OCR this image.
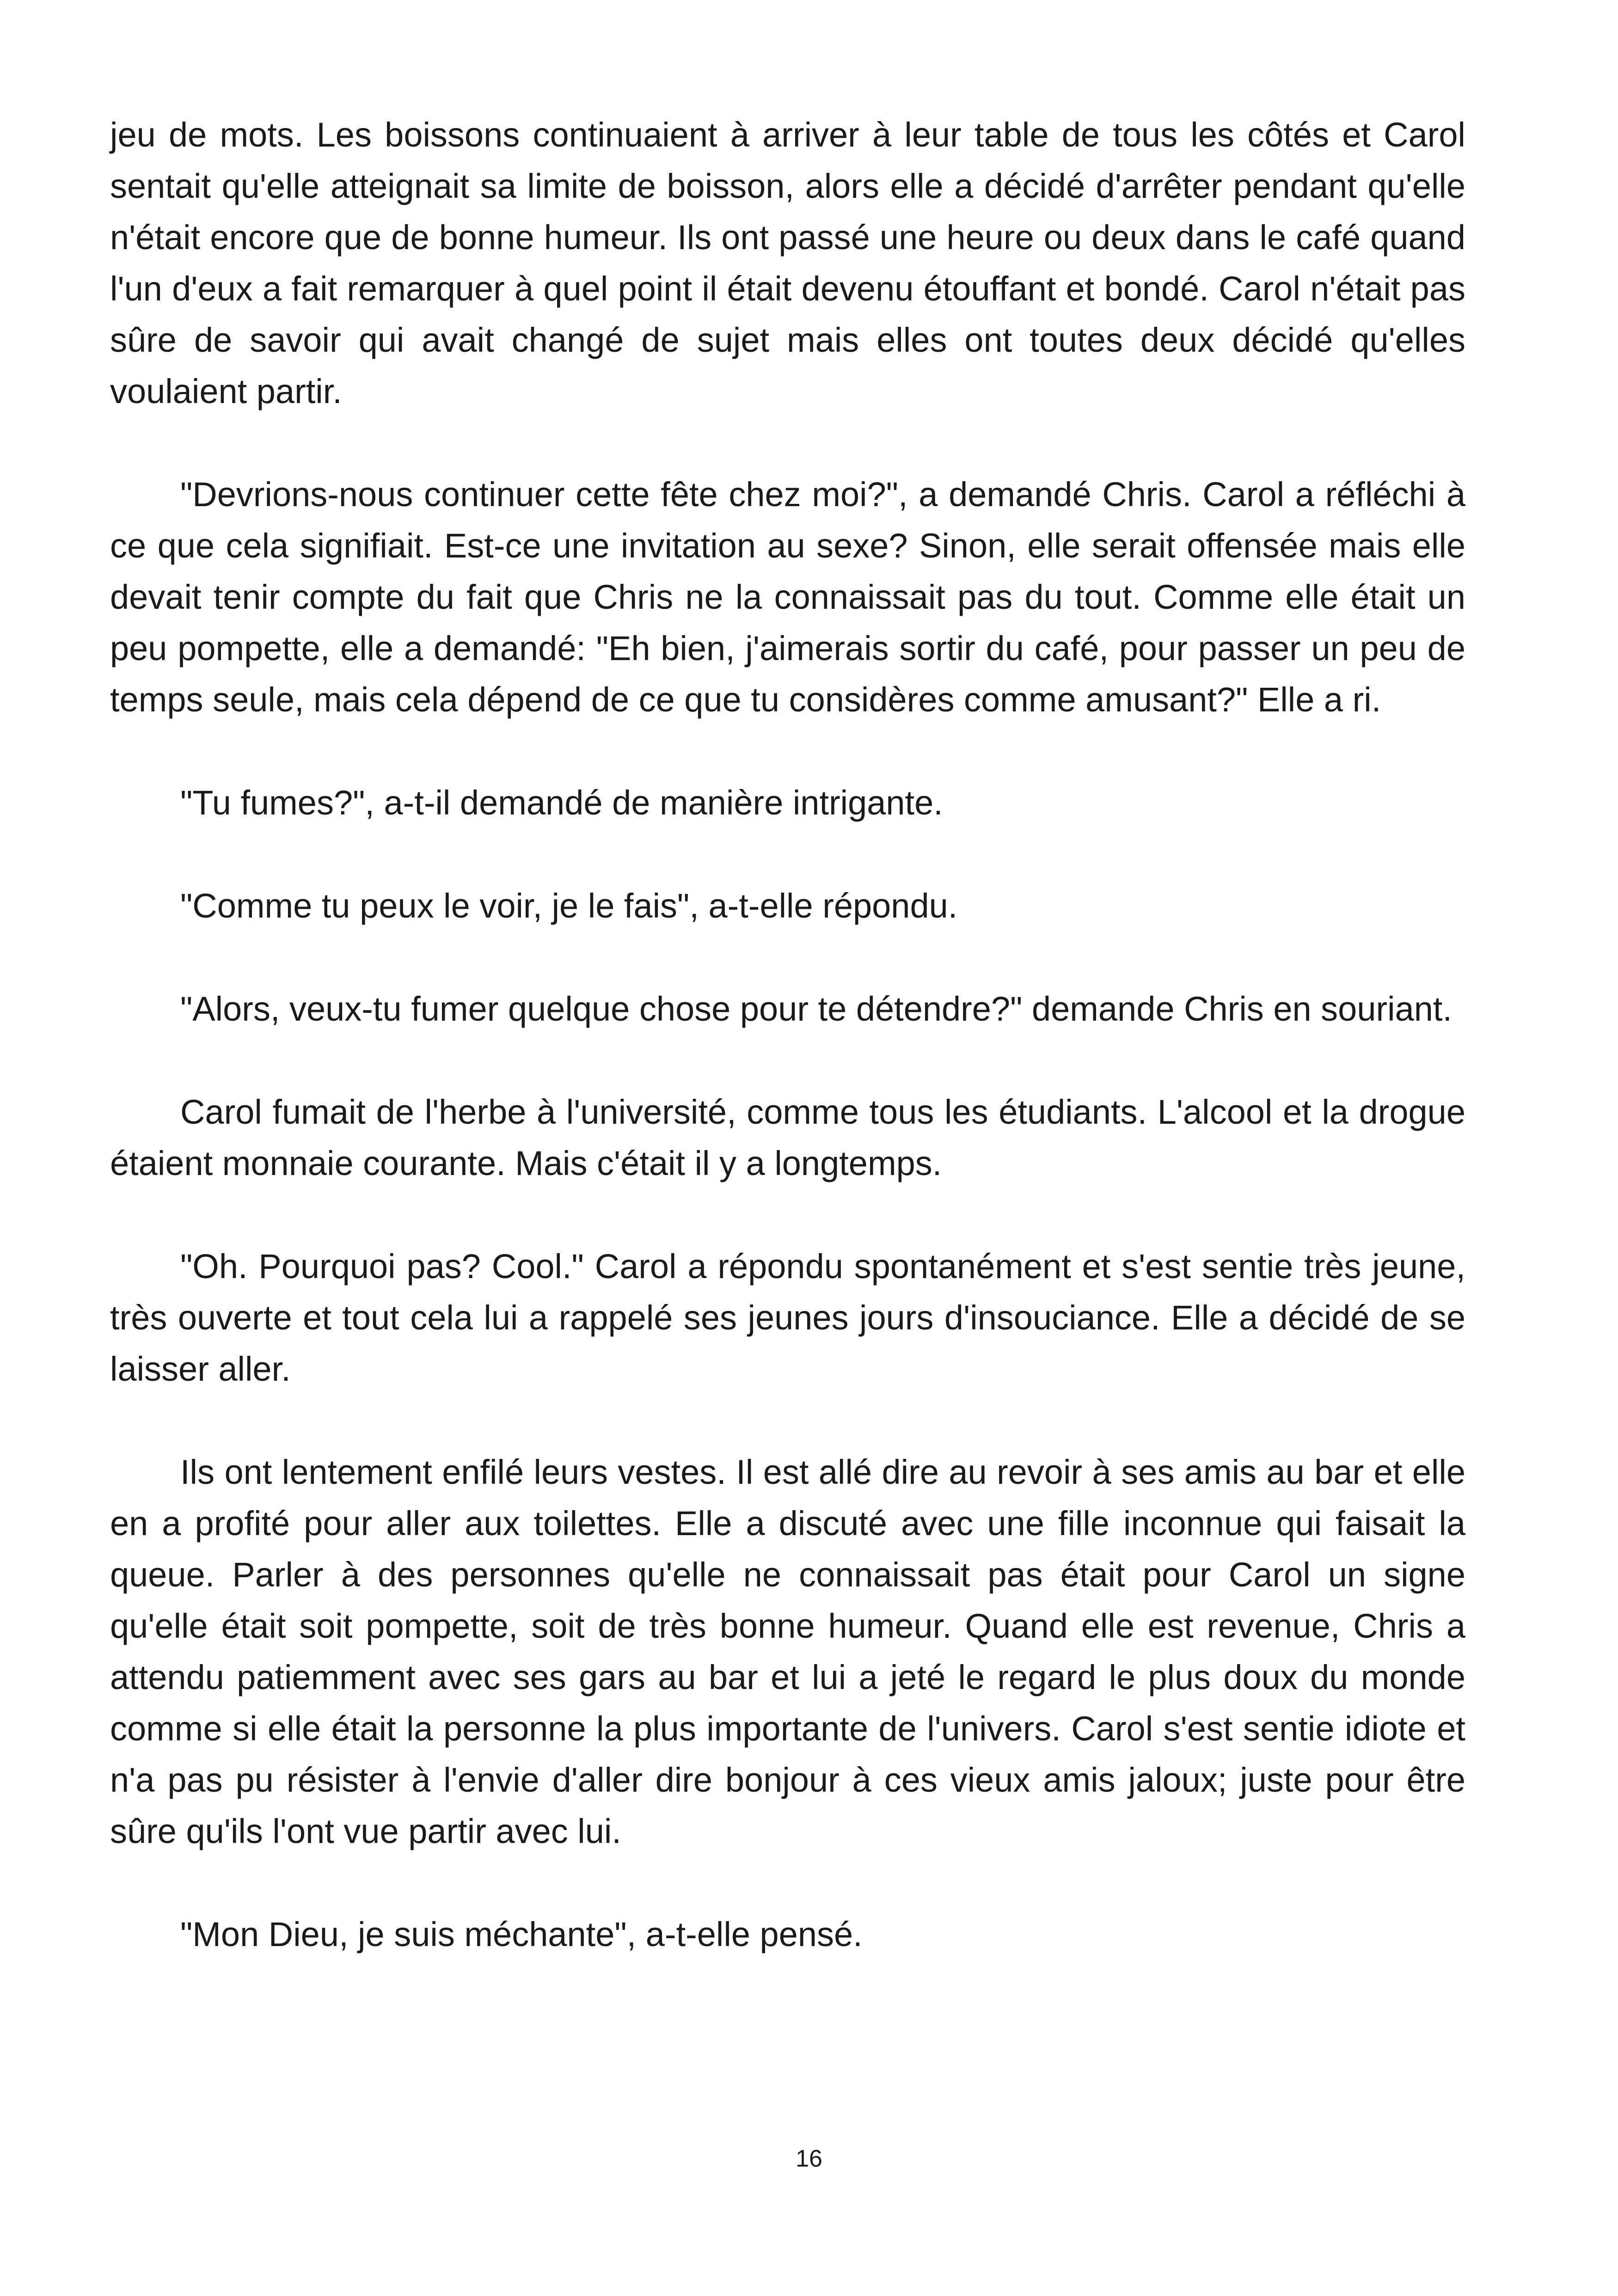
jeu de mots. Les boissons continuaient à arriver à leur table de tous les côtés et Carol sentait qu'elle atteignait sa limite de boisson, alors elle a décidé d'arrêter pendant qu'elle n'était encore que de bonne humeur. Ils ont passé une heure ou deux dans le café quand l'un d'eux a fait remarquer à quel point il était devenu étouffant et bondé. Carol n'était pas sûre de savoir qui avait changé de sujet mais elles ont toutes deux décidé qu'elles voulaient partir.

"Devrions-nous continuer cette fête chez moi?", a demandé Chris. Carol a réfléchi à ce que cela signifiait. Est-ce une invitation au sexe? Sinon, elle serait offensée mais elle devait tenir compte du fait que Chris ne la connaissait pas du tout. Comme elle était un peu pompette, elle a demandé: "Eh bien, j'aimerais sortir du café, pour passer un peu de temps seule, mais cela dépend de ce que tu considères comme amusant?" Elle a ri.

"Tu fumes?", a-t-il demandé de manière intrigante.

"Comme tu peux le voir, je le fais", a-t-elle répondu.

"Alors, veux-tu fumer quelque chose pour te détendre?" demande Chris en souriant.

Carol fumait de l'herbe à l'université, comme tous les étudiants. L'alcool et la drogue étaient monnaie courante. Mais c'était il y a longtemps.

"Oh. Pourquoi pas? Cool." Carol a répondu spontanément et s'est sentie très jeune, très ouverte et tout cela lui a rappelé ses jeunes jours d'insouciance. Elle a décidé de se laisser aller.

Ils ont lentement enfilé leurs vestes. Il est allé dire au revoir à ses amis au bar et elle en a profité pour aller aux toilettes. Elle a discuté avec une fille inconnue qui faisait la queue. Parler à des personnes qu'elle ne connaissait pas était pour Carol un signe qu'elle était soit pompette, soit de très bonne humeur. Quand elle est revenue, Chris a attendu patiemment avec ses gars au bar et lui a jeté le regard le plus doux du monde comme si elle était la personne la plus importante de l'univers. Carol s'est sentie idiote et n'a pas pu résister à l'envie d'aller dire bonjour à ces vieux amis jaloux; juste pour être sûre qu'ils l'ont vue partir avec lui.

"Mon Dieu, je suis méchante", a-t-elle pensé.

16
